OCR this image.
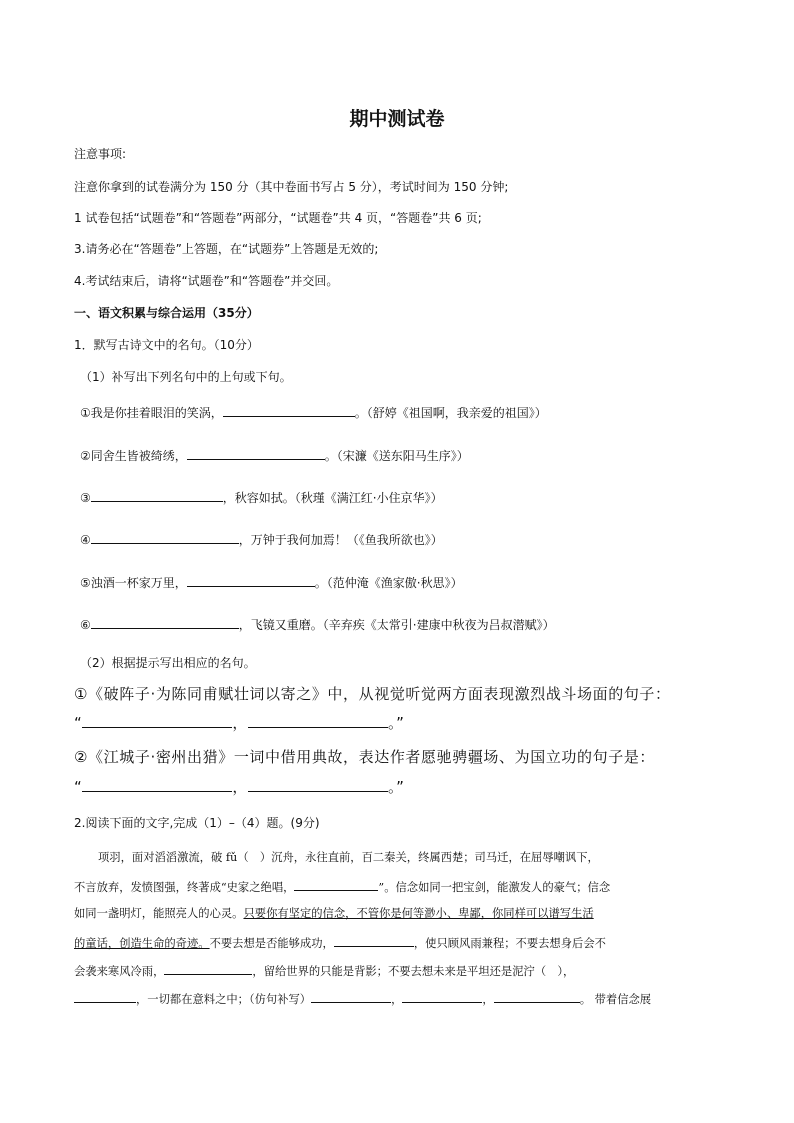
期中测试卷
注意事项:
注意你拿到的试卷满分为 150 分（其中卷面书写占 5 分），考试时间为 150 分钟;
1 试卷包括“试题卷”和“答题卷”两部分，“试题卷”共 4 页，“答题卷”共 6 页;
3.请务必在“答题卷”上答题，在“试题券”上答题是无效的;
4.考试结束后，请将“试题卷”和“答题卷”并交回。
一、语文积累与综合运用（35分）
1．默写古诗文中的名句。（10分）
（1）补写出下列名句中的上句或下句。
①我是你挂着眼泪的笑涡，	。（舒婷《祖国啊，我亲爱的祖国》）
②同舍生皆被绮绣，	。（宋濂《送东阳马生序》）
③	，秋容如拭。（秋瑾《满江红·小住京华》）
④	，万钟于我何加焉！（《鱼我所欲也》）
⑤浊酒一杯家万里，	。（范仲淹《渔家傲·秋思》）
⑥	，飞镜又重磨。（辛弃疾《太常引·建康中秋夜为吕叔潜赋》）
（2）根据提示写出相应的名句。
①《破阵子·为陈同甫赋壮词以寄之》中，从视觉听觉两方面表现激烈战斗场面的句子：
“	，	。”
②《江城子·密州出猎》一词中借用典故，表达作者愿驰骋疆场、为国立功的句子是：
“	，	。”
2.阅读下面的文字,完成（1）–（4）题。(9分)
项羽，面对滔滔激流，破 fǔ（　）沉舟，永往直前，百二秦关，终属西楚；司马迁，在屈辱嘲讽下，
不言放弃，发愤图强，终著成“史家之绝唱，	”。信念如同一把宝剑，能激发人的豪气；信念
如同一盏明灯，能照亮人的心灵。只要你有坚定的信念，不管你是何等渺小、卑鄙，你同样可以谱写生活
的童话，创造生命的奇迹。不要去想是否能够成功，	，使只顾风雨兼程；不要去想身后会不
会袭来寒风冷雨，	，留给世界的只能是背影；不要去想未来是平坦还是泥泞（　），
，一切都在意料之中；（仿句补写）	，	，	。 带着信念展
